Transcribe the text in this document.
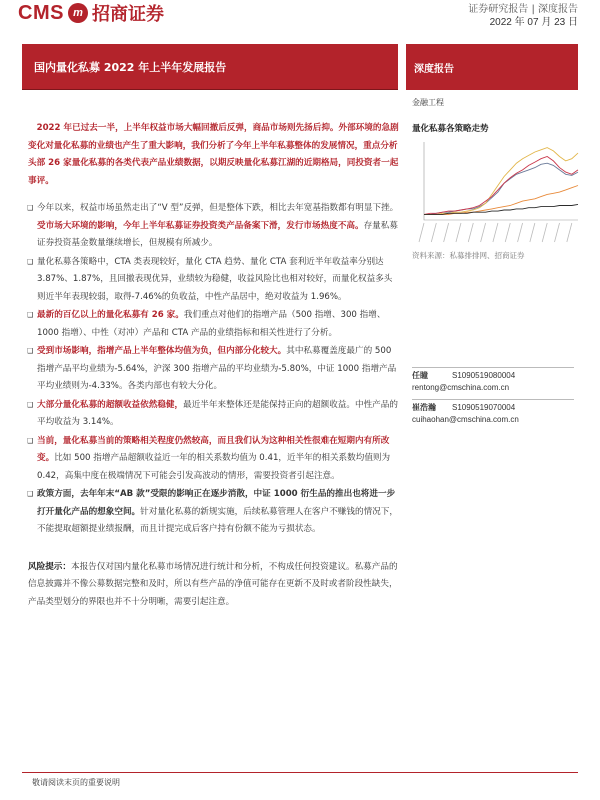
CMS m 招商证券	证券研究报告 | 深度报告
2022 年 07 月 23 日
国内量化私募 2022 年上半年发展报告	深度报告

2022 年已过去一半，上半年权益市场大幅回撤后反弹，商品市场则先扬后抑。外部环境的急剧变化对量化私募的业绩也产生了重大影响，我们分析了今年上半年私募整体的发展情况，重点分析头部 26 家量化私募的各类代表产品业绩数据，以期反映量化私募江湖的近期格局，同投资者一起事评。

❑ 今年以来，权益市场虽然走出了“V 型”反弹，但是整体下跌，相比去年宽基指数都有明显下挫。受市场大环境的影响，今年上半年私募证券投资类产品备案下滑，发行市场热度不高。存量私募证券投资基金数量继续增长，但规模有所减少。

❑ 量化私募各策略中，CTA 类表现较好，量化 CTA 趋势、量化 CTA 套利近半年收益率分别达 3.87%、1.87%，且回撤表现优异，业绩较为稳健，收益风险比也相对较好，而量化权益多头则近半年表现较弱，取得-7.46%的负收益，中性产品居中，绝对收益为 1.96%。

❑ 最新的百亿以上的量化私募有 26 家。我们重点对他们的指增产品（500 指增、300 指增、1000 指增）、中性（对冲）产品和 CTA 产品的业绩指标和相关性进行了分析。

❑ 受到市场影响，指增产品上半年整体均值为负，但内部分化较大。其中私募覆盖度最广的 500 指增产品平均业绩为-5.64%，沪深 300 指增产品的平均业绩为-5.80%，中证 1000 指增产品平均业绩则为-4.33%。各类内部也有较大分化。

❑ 大部分量化私募的超额收益依然稳健，最近半年来整体还是能保持正向的超额收益。中性产品的平均收益为 3.14%。

❑ 当前，量化私募当前的策略相关程度仍然较高，而且我们认为这种相关性很难在短期内有所改变。比如 500 指增产品超额收益近一年的相关系数均值为 0.41，近半年的相关系数均值则为 0.42，高集中度在极端情况下可能会引发高波动的情形，需要投资者引起注意。

❑ 政策方面，去年年末“AB 款”受限的影响正在逐步消散，中证 1000 衍生品的推出也将进一步打开量化产品的想象空间。针对量化私募的新规实施，后续私募管理人在客户不赚钱的情况下，不能提取超额提业绩报酬，而且计提完成后客户持有份额不能为亏损状态。

风险提示：本报告仅对国内量化私募市场情况进行统计和分析，不构成任何投资建议。私募产品的信息披露并不像公募数据完整和及时，所以有些产品的净值可能存在更新不及时或者阶段性缺失，产品类型划分的界限也并不十分明晰，需要引起注意。

金融工程
量化私募各策略走势
资料来源：私募排排网、招商证券
任瞳	S1090519080004
rentong@cmschina.com.cn
崔浩瀚 S1090519070004
cuihaohan@cmschina.com.cn
敬请阅读末页的重要说明
